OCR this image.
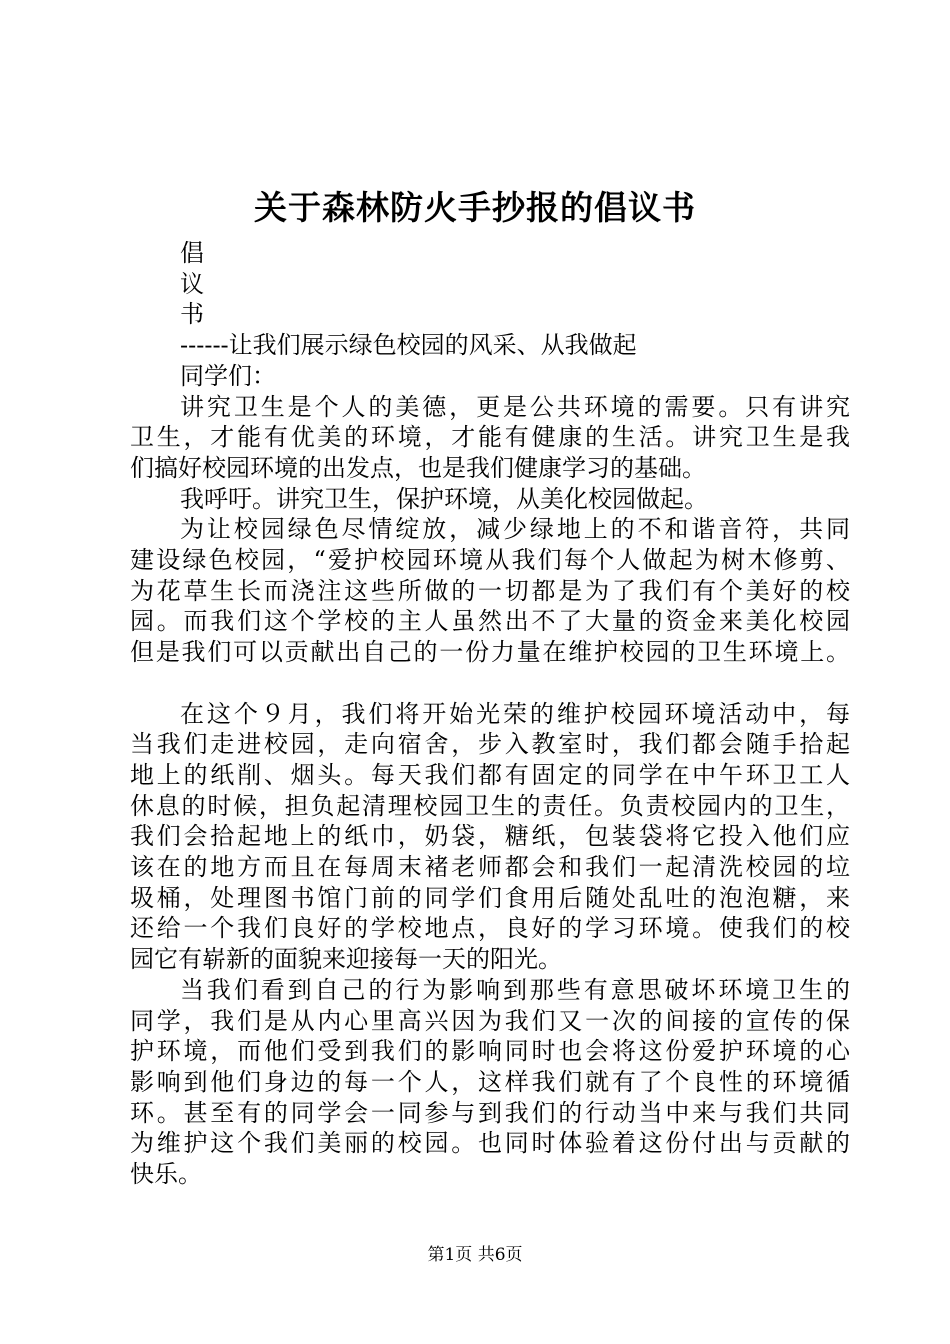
关于森林防火手抄报的倡议书
倡
议
书
------让我们展示绿色校园的风采、从我做起
同学们：
讲究卫生是个人的美德，更是公共环境的需要。只有讲究
卫生，才能有优美的环境，才能有健康的生活。讲究卫生是我
们搞好校园环境的出发点，也是我们健康学习的基础。
我呼吁。讲究卫生，保护环境，从美化校园做起。
为让校园绿色尽情绽放，减少绿地上的不和谐音符，共同
建设绿色校园，“爱护校园环境从我们每个人做起为树木修剪、
为花草生长而浇注这些所做的一切都是为了我们有个美好的校
园。而我们这个学校的主人虽然出不了大量的资金来美化校园
但是我们可以贡献出自己的一份力量在维护校园的卫生环境上。
在这个９月，我们将开始光荣的维护校园环境活动中，每
当我们走进校园，走向宿舍，步入教室时，我们都会随手拾起
地上的纸削、烟头。每天我们都有固定的同学在中午环卫工人
休息的时候，担负起清理校园卫生的责任。负责校园内的卫生，
我们会拾起地上的纸巾，奶袋，糖纸，包装袋将它投入他们应
该在的地方而且在每周末褚老师都会和我们一起清洗校园的垃
圾桶，处理图书馆门前的同学们食用后随处乱吐的泡泡糖，来
还给一个我们良好的学校地点，良好的学习环境。使我们的校
园它有崭新的面貌来迎接每一天的阳光。
当我们看到自己的行为影响到那些有意思破坏环境卫生的
同学，我们是从内心里高兴因为我们又一次的间接的宣传的保
护环境，而他们受到我们的影响同时也会将这份爱护环境的心
影响到他们身边的每一个人，这样我们就有了个良性的环境循
环。甚至有的同学会一同参与到我们的行动当中来与我们共同
为维护这个我们美丽的校园。也同时体验着这份付出与贡献的
快乐。
第1页 共6页
